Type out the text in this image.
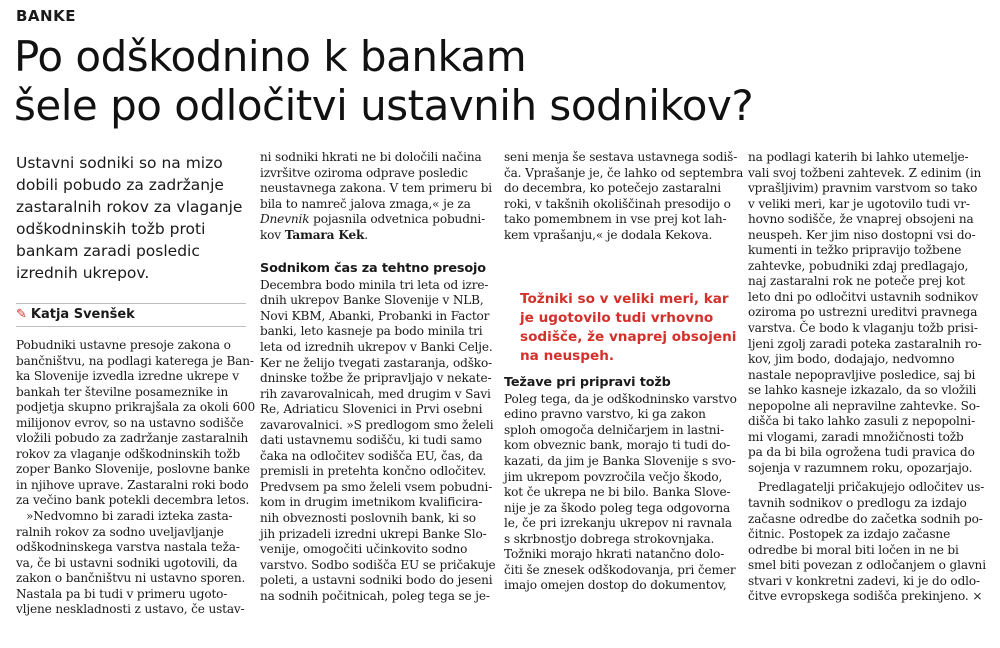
BANKE
Po odškodnino k bankam
šele po odločitvi ustavnih sodnikov?
Ustavni sodniki so na mizo
dobili pobudo za zadržanje
zastaralnih rokov za vlaganje
odškodninskih tožb proti
bankam zaradi posledic
izrednih ukrepov.
✎ Katja Svenšek
Pobudniki ustavne presoje zakona o
bančništvu, na podlagi katerega je Ban-
ka Slovenije izvedla izredne ukrepe v
bankah ter številne posameznike in
podjetja skupno prikrajšala za okoli 600
milijonov evrov, so na ustavno sodišče
vložili pobudo za zadržanje zastaralnih
rokov za vlaganje odškodninskih tožb
zoper Banko Slovenije, poslovne banke
in njihove uprave. Zastaralni roki bodo
za večino bank potekli decembra letos.
»Nedvomno bi zaradi izteka zasta-
ralnih rokov za sodno uveljavljanje
odškodninskega varstva nastala teža-
va, če bi ustavni sodniki ugotovili, da
zakon o bančništvu ni ustavno sporen.
Nastala pa bi tudi v primeru ugoto-
vljene neskladnosti z ustavo, če ustav-
ni sodniki hkrati ne bi določili načina
izvršitve oziroma odprave posledic
neustavnega zakona. V tem primeru bi
bila to namreč jalova zmaga,« je za
Dnevnik pojasnila odvetnica pobudni-
kov Tamara Kek.
Sodnikom čas za tehtno presojo
Decembra bodo minila tri leta od izre-
dnih ukrepov Banke Slovenije v NLB,
Novi KBM, Abanki, Probanki in Factor
banki, leto kasneje pa bodo minila tri
leta od izrednih ukrepov v Banki Celje.
Ker ne želijo tvegati zastaranja, odško-
dninske tožbe že pripravljajo v nekate-
rih zavarovalnicah, med drugim v Savi
Re, Adriaticu Slovenici in Prvi osebni
zavarovalnici. »S predlogom smo želeli
dati ustavnemu sodišču, ki tudi samo
čaka na odločitev sodišča EU, čas, da
premisli in pretehta končno odločitev.
Predvsem pa smo želeli vsem pobudni-
kom in drugim imetnikom kvalificira-
nih obveznosti poslovnih bank, ki so
jih prizadeli izredni ukrepi Banke Slo-
venije, omogočiti učinkovito sodno
varstvo. Sodbo sodišča EU se pričakuje
poleti, a ustavni sodniki bodo do jeseni
na sodnih počitnicah, poleg tega se je-
seni menja še sestava ustavnega sodiš-
ča. Vprašanje je, če lahko od septembra
do decembra, ko potečejo zastaralni
roki, v takšnih okoliščinah presodijo o
tako pomembnem in vse prej kot lah-
kem vprašanju,« je dodala Kekova.
Težave pri pripravi tožb
Poleg tega, da je odškodninsko varstvo
edino pravno varstvo, ki ga zakon
sploh omogoča delničarjem in lastni-
kom obveznic bank, morajo ti tudi do-
kazati, da jim je Banka Slovenije s svo-
jim ukrepom povzročila večjo škodo,
kot če ukrepa ne bi bilo. Banka Slove-
nije je za škodo poleg tega odgovorna
le, če pri izrekanju ukrepov ni ravnala
s skrbnostjo dobrega strokovnjaka.
Tožniki morajo hkrati natančno dolo-
čiti še znesek odškodovanja, pri čemer
imajo omejen dostop do dokumentov,
Tožniki so v veliki meri, kar
je ugotovilo tudi vrhovno
sodišče, že vnaprej obsojeni
na neuspeh.
na podlagi katerih bi lahko utemelje-
vali svoj tožbeni zahtevek. Z edinim (in
vprašljivim) pravnim varstvom so tako
v veliki meri, kar je ugotovilo tudi vr-
hovno sodišče, že vnaprej obsojeni na
neuspeh. Ker jim niso dostopni vsi do-
kumenti in težko pripravijo tožbene
zahtevke, pobudniki zdaj predlagajo,
naj zastaralni rok ne poteče prej kot
leto dni po odločitvi ustavnih sodnikov
oziroma po ustrezni ureditvi pravnega
varstva. Če bodo k vlaganju tožb prisi-
ljeni zgolj zaradi poteka zastaralnih ro-
kov, jim bodo, dodajajo, nedvomno
nastale nepopravljive posledice, saj bi
se lahko kasneje izkazalo, da so vložili
nepopolne ali nepravilne zahtevke. So-
dišča bi tako lahko zasuli z nepopolni-
mi vlogami, zaradi množičnosti tožb
pa da bi bila ogrožena tudi pravica do
sojenja v razumnem roku, opozarjajo.
Predlagatelji pričakujejo odločitev us-
tavnih sodnikov o predlogu za izdajo
začasne odredbe do začetka sodnih po-
čitnic. Postopek za izdajo začasne
odredbe bi moral biti ločen in ne bi
smel biti povezan z odločanjem o glavni
stvari v konkretni zadevi, ki je do odlo-
čitve evropskega sodišča prekinjeno. ×
